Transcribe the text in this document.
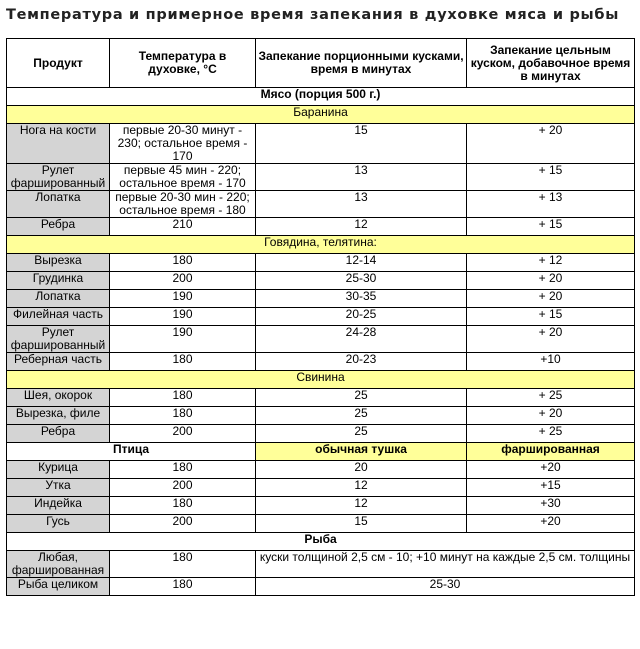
Температура и примерное время запекания в духовке мяса и рыбы
Продукт	Температура в духовке, °C	Запекание порционными кусками, время в минутах	Запекание цельным куском, добавочное время в минутах
Мясо (порция 500 г.)			
Баранина			
Нога на кости	первые 20-30 минут - 230; остальное время - 170	15	+ 20
Рулет фаршированный	первые 45 мин - 220; остальное время - 170	13	+ 15
Лопатка	первые 20-30 мин - 220; остальное время - 180	13	+ 13
Ребра	210	12	+ 15
Говядина, телятина:			
Вырезка	180	12-14	+ 12
Грудинка	200	25-30	+ 20
Лопатка	190	30-35	+ 20
Филейная часть	190	20-25	+ 15
Рулет фаршированный	190	24-28	+ 20
Реберная часть	180	20-23	+10
Свинина			
Шея, окорок	180	25	+ 25
Вырезка, филе	180	25	+ 20
Ребра	200	25	+ 25
Птица		обычная тушка	фаршированная
Курица	180	20	+20
Утка	200	12	+15
Индейка	180	12	+30
Гусь	200	15	+20
Рыба			
Любая, фаршированная	180	куски толщиной 2,5 см - 10; +10 минут на каждые 2,5 см. толщины	
Рыба целиком	180	25-30	
